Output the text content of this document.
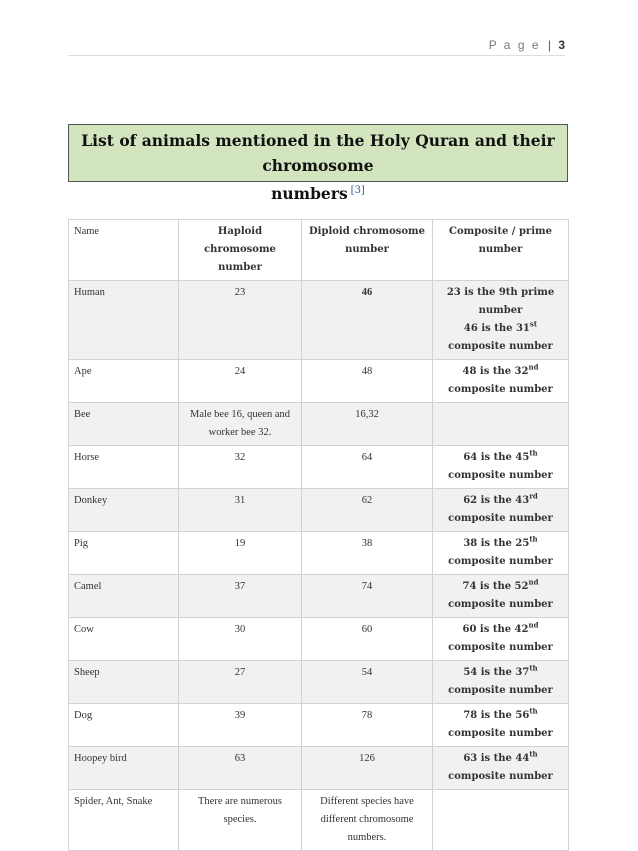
P a g e | 3
List of animals mentioned in the Holy Quran and their chromosome
numbers [3]
Name	Haploid chromosome number	Diploid chromosome number	Composite / prime number
Human	23	46	23 is the 9th prime number
46 is the 31st composite number

Ape	24	48	48 is the 32nd composite number

Bee	Male bee 16, queen and worker bee 32.	16,32	
Horse	32	64	64 is the 45th composite number

Donkey	31	62	62 is the 43rd composite number

Pig	19	38	38 is the 25th composite number

Camel	37	74	74 is the 52nd composite number

Cow	30	60	60 is the 42nd composite number

Sheep	27	54	54 is the 37th composite number

Dog	39	78	78 is the 56th composite number

Hoopey bird	63	126	63 is the 44th composite number

Spider, Ant, Snake	There are numerous species.	Different species have different chromosome numbers.	
